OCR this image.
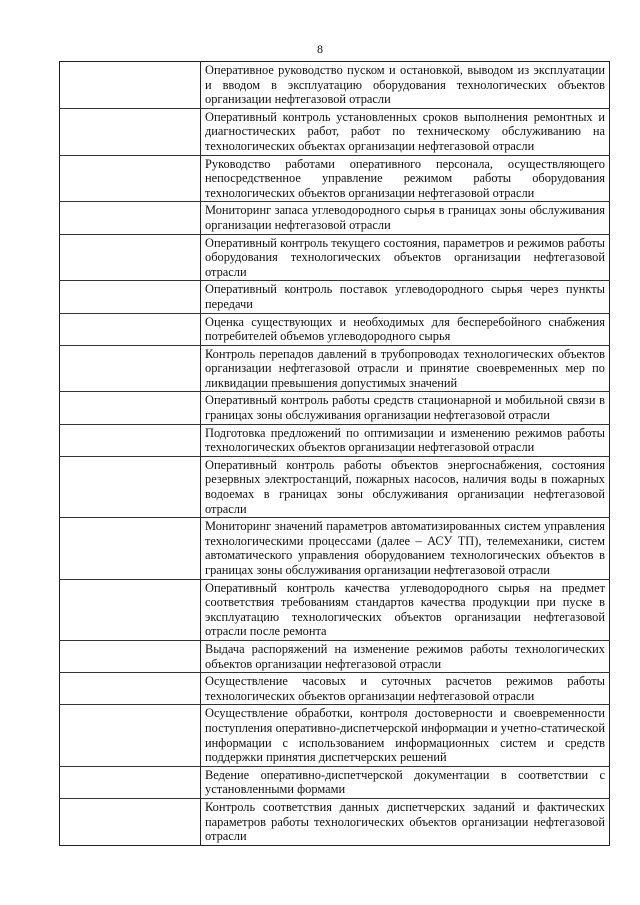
8
Оперативное руководство пуском и остановкой, выводом из эксплуатации и вводом в эксплуатацию оборудования технологических объектов организации нефтегазовой отрасли
Оперативный контроль установленных сроков выполнения ремонтных и диагностических работ, работ по техническому обслуживанию на технологических объектах организации нефтегазовой отрасли
Руководство работами оперативного персонала, осуществляющего непосредственное управление режимом работы оборудования технологических объектов организации нефтегазовой отрасли
Мониторинг запаса углеводородного сырья в границах зоны обслуживания организации нефтегазовой отрасли
Оперативный контроль текущего состояния, параметров и режимов работы оборудования технологических объектов организации нефтегазовой отрасли
Оперативный контроль поставок углеводородного сырья через пункты передачи
Оценка существующих и необходимых для бесперебойного снабжения потребителей объемов углеводородного сырья
Контроль перепадов давлений в трубопроводах технологических объектов организации нефтегазовой отрасли и принятие своевременных мер по ликвидации превышения допустимых значений
Оперативный контроль работы средств стационарной и мобильной связи в границах зоны обслуживания организации нефтегазовой отрасли
Подготовка предложений по оптимизации и изменению режимов работы технологических объектов организации нефтегазовой отрасли
Оперативный контроль работы объектов энергоснабжения, состояния резервных электростанций, пожарных насосов, наличия воды в пожарных водоемах в границах зоны обслуживания организации нефтегазовой отрасли
Мониторинг значений параметров автоматизированных систем управления технологическими процессами (далее – АСУ ТП), телемеханики, систем автоматического управления оборудованием технологических объектов в границах зоны обслуживания организации нефтегазовой отрасли
Оперативный контроль качества углеводородного сырья на предмет соответствия требованиям стандартов качества продукции при пуске в эксплуатацию технологических объектов организации нефтегазовой отрасли после ремонта
Выдача распоряжений на изменение режимов работы технологических объектов организации нефтегазовой отрасли
Осуществление часовых и суточных расчетов режимов работы технологических объектов организации нефтегазовой отрасли
Осуществление обработки, контроля достоверности и своевременности поступления оперативно-диспетчерской информации и учетно-статической информации с использованием информационных систем и средств поддержки принятия диспетчерских решений
Ведение оперативно-диспетчерской документации в соответствии с установленными формами
Контроль соответствия данных диспетчерских заданий и фактических параметров работы технологических объектов организации нефтегазовой отрасли
